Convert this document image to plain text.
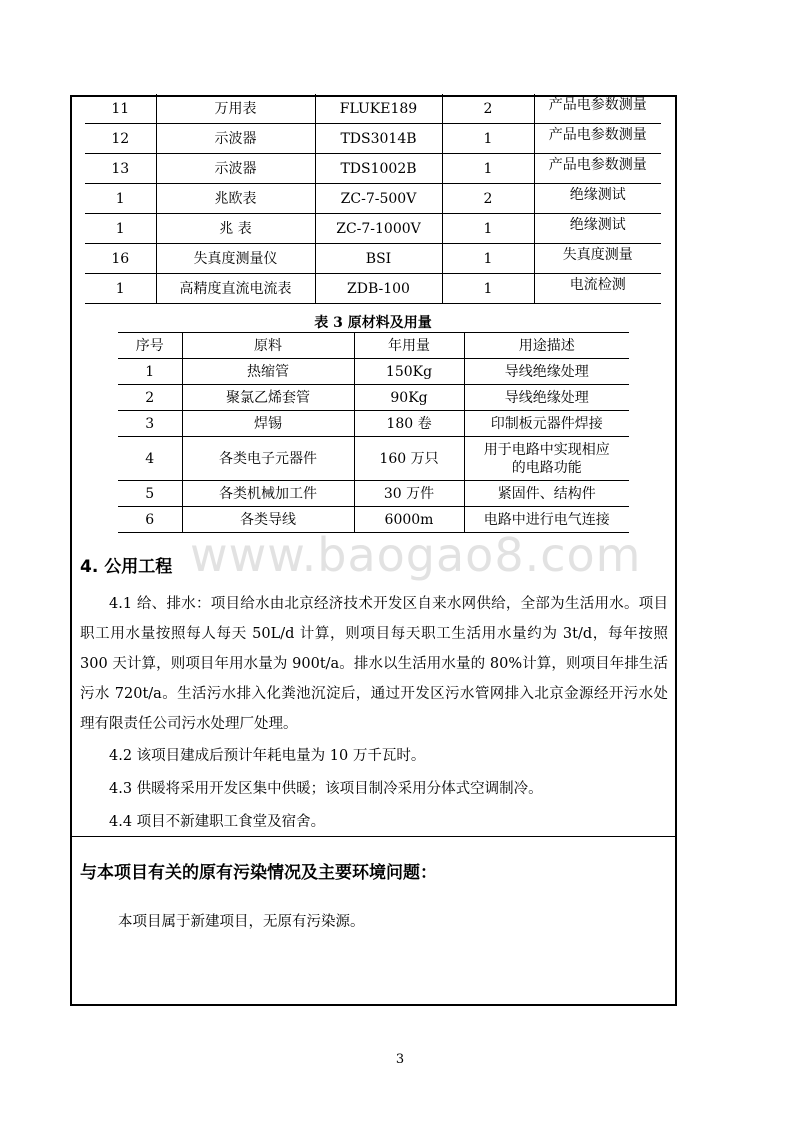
11	万用表	FLUKE189	2	产品电参数测量
12	示波器	TDS3014B	1	产品电参数测量
13	示波器	TDS1002B	1	产品电参数测量
1	兆欧表	ZC-7-500V	2	绝缘测试
1	兆 表	ZC-7-1000V	1	绝缘测试
16	失真度测量仪	BSI	1	失真度测量
1	高精度直流电流表	ZDB-100	1	电流检测
表 3 原材料及用量
序号	原料	年用量	用途描述
1	热缩管	150Kg	导线绝缘处理
2	聚氯乙烯套管	90Kg	导线绝缘处理
3	焊锡	180 卷	印制板元器件焊接
4	各类电子元器件	160 万只	用于电路中实现相应
的电路功能

5	各类机械加工件	30 万件	紧固件、结构件
6	各类导线	6000m	电路中进行电气连接
www.baogao8.com
4. 公用工程
4.1 给、排水：项目给水由北京经济技术开发区自来水网供给，全部为生活用水。项目职工用水量按照每人每天 50L/d 计算，则项目每天职工生活用水量约为 3t/d，每年按照 300 天计算，则项目年用水量为 900t/a。排水以生活用水量的 80%计算，则项目年排生活污水 720t/a。生活污水排入化粪池沉淀后，通过开发区污水管网排入北京金源经开污水处理有限责任公司污水处理厂处理。
4.2 该项目建成后预计年耗电量为 10 万千瓦时。
4.3 供暖将采用开发区集中供暖；该项目制冷采用分体式空调制冷。
4.4 项目不新建职工食堂及宿舍。
与本项目有关的原有污染情况及主要环境问题：
本项目属于新建项目，无原有污染源。
3
